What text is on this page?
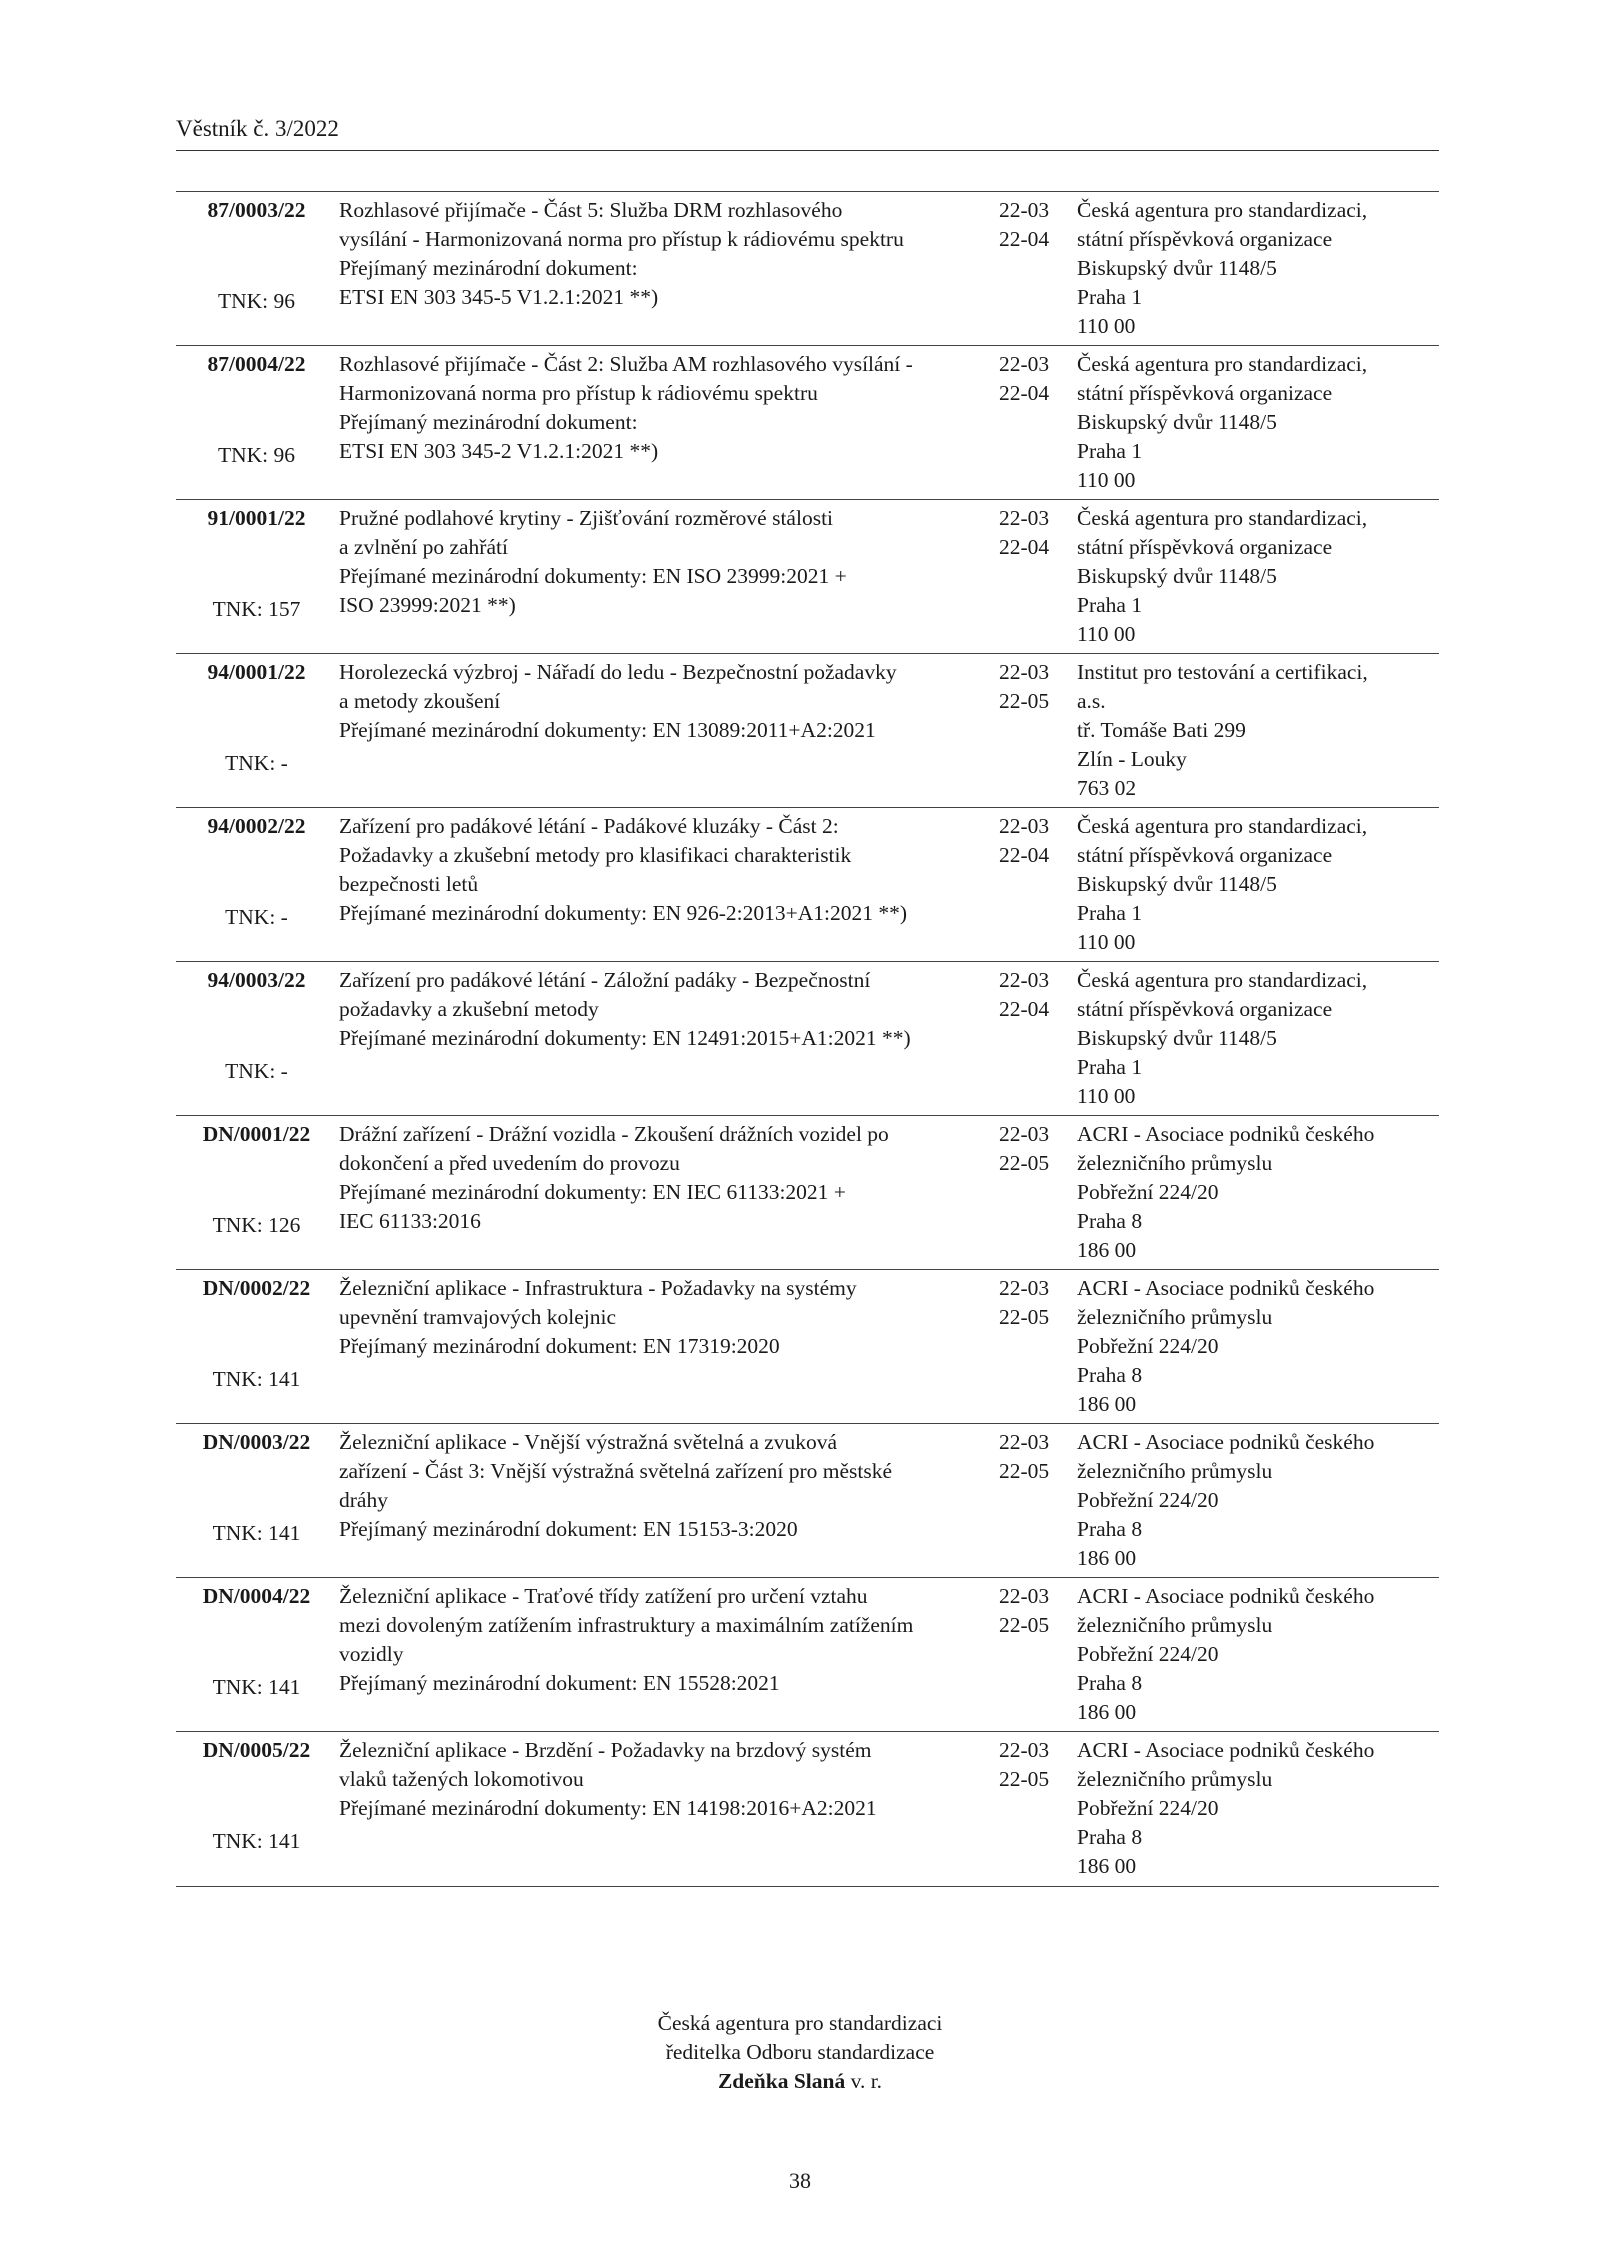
Věstník č. 3/2022
87/0003/22
TNK: 96
Rozhlasové přijímače - Část 5: Služba DRM rozhlasového
vysílání - Harmonizovaná norma pro přístup k rádiovému spektru
Přejímaný mezinárodní dokument:
ETSI EN 303 345-5 V1.2.1:2021 **)
22-03
22-04
Česká agentura pro standardizaci,
státní příspěvková organizace
Biskupský dvůr 1148/5
Praha 1
110 00
87/0004/22
TNK: 96
Rozhlasové přijímače - Část 2: Služba AM rozhlasového vysílání -
Harmonizovaná norma pro přístup k rádiovému spektru
Přejímaný mezinárodní dokument:
ETSI EN 303 345-2 V1.2.1:2021 **)
22-03
22-04
Česká agentura pro standardizaci,
státní příspěvková organizace
Biskupský dvůr 1148/5
Praha 1
110 00
91/0001/22
TNK: 157
Pružné podlahové krytiny - Zjišťování rozměrové stálosti
a zvlnění po zahřátí
Přejímané mezinárodní dokumenty: EN ISO 23999:2021 +
ISO 23999:2021 **)
22-03
22-04
Česká agentura pro standardizaci,
státní příspěvková organizace
Biskupský dvůr 1148/5
Praha 1
110 00
94/0001/22
TNK: -
Horolezecká výzbroj - Nářadí do ledu - Bezpečnostní požadavky
a metody zkoušení
Přejímané mezinárodní dokumenty: EN 13089:2011+A2:2021
22-03
22-05
Institut pro testování a certifikaci,
a.s.
tř. Tomáše Bati 299
Zlín - Louky
763 02
94/0002/22
TNK: -
Zařízení pro padákové létání - Padákové kluzáky - Část 2:
Požadavky a zkušební metody pro klasifikaci charakteristik
bezpečnosti letů
Přejímané mezinárodní dokumenty: EN 926-2:2013+A1:2021 **)
22-03
22-04
Česká agentura pro standardizaci,
státní příspěvková organizace
Biskupský dvůr 1148/5
Praha 1
110 00
94/0003/22
TNK: -
Zařízení pro padákové létání - Záložní padáky - Bezpečnostní
požadavky a zkušební metody
Přejímané mezinárodní dokumenty: EN 12491:2015+A1:2021 **)
22-03
22-04
Česká agentura pro standardizaci,
státní příspěvková organizace
Biskupský dvůr 1148/5
Praha 1
110 00
DN/0001/22
TNK: 126
Drážní zařízení - Drážní vozidla - Zkoušení drážních vozidel po
dokončení a před uvedením do provozu
Přejímané mezinárodní dokumenty: EN IEC 61133:2021 +
IEC 61133:2016
22-03
22-05
ACRI - Asociace podniků českého
železničního průmyslu
Pobřežní 224/20
Praha 8
186 00
DN/0002/22
TNK: 141
Železniční aplikace - Infrastruktura - Požadavky na systémy
upevnění tramvajových kolejnic
Přejímaný mezinárodní dokument: EN 17319:2020
22-03
22-05
ACRI - Asociace podniků českého
železničního průmyslu
Pobřežní 224/20
Praha 8
186 00
DN/0003/22
TNK: 141
Železniční aplikace - Vnější výstražná světelná a zvuková
zařízení - Část 3: Vnější výstražná světelná zařízení pro městské
dráhy
Přejímaný mezinárodní dokument: EN 15153-3:2020
22-03
22-05
ACRI - Asociace podniků českého
železničního průmyslu
Pobřežní 224/20
Praha 8
186 00
DN/0004/22
TNK: 141
Železniční aplikace - Traťové třídy zatížení pro určení vztahu
mezi dovoleným zatížením infrastruktury a maximálním zatížením
vozidly
Přejímaný mezinárodní dokument: EN 15528:2021
22-03
22-05
ACRI - Asociace podniků českého
železničního průmyslu
Pobřežní 224/20
Praha 8
186 00
DN/0005/22
TNK: 141
Železniční aplikace - Brzdění - Požadavky na brzdový systém
vlaků tažených lokomotivou
Přejímané mezinárodní dokumenty: EN 14198:2016+A2:2021
22-03
22-05
ACRI - Asociace podniků českého
železničního průmyslu
Pobřežní 224/20
Praha 8
186 00
Česká agentura pro standardizaci
ředitelka Odboru standardizace
Zdeňka Slaná v. r.
38
